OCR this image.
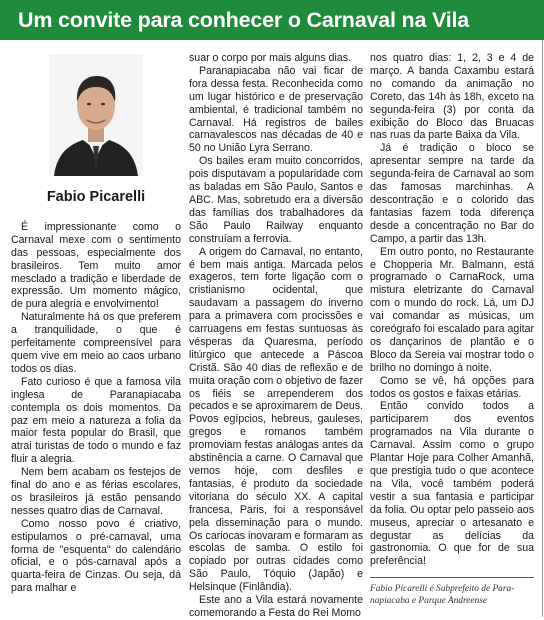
Um convite para conhecer o Carnaval na Vila
Fabio Picarelli

É impressionante como o Carnaval mexe com o sentimento das pessoas, especialmente dos brasileiros. Tem muito amor mesclado a tradição e liberdade de expressão. Um momento mágico, de pura alegria e envolvimento!

Naturalmente há os que preferem a tranquilidade, o que é perfeitamente compreensível para quem vive em meio ao caos urbano todos os dias.

Fato curioso é que a famosa vila inglesa de Paranapiacaba contempla os dois momentos. Da paz em meio a natureza a folia da maior festa popular do Brasil, que atrai turistas de todo o mundo e faz fluir a alegria.

Nem bem acabam os festejos de final do ano e as férias escolares, os brasileiros já estão pensando nesses quatro dias de Carnaval.

Como nosso povo é criativo, estipulamos o pré-carnaval, uma forma de "esquenta" do calendário oficial, e o pós-carnaval após a quarta-feira de Cinzas. Ou seja, dá para malhar e

suar o corpo por mais alguns dias.

Paranapiacaba não vai ficar de fora dessa festa. Reconhecida como um lugar histórico e de preservação ambiental, é tradicional também no Carnaval. Há registros de bailes carnavalescos nas décadas de 40 e 50 no União Lyra Serrano.

Os bailes eram muito concorridos, pois disputavam a popularidade com as baladas em São Paulo, Santos e ABC. Mas, sobretudo era a diversão das famílias dos trabalhadores da São Paulo Railway enquanto construíam a ferrovia.

A origem do Carnaval, no entanto, é bem mais antiga. Marcada pelos exageros, tem forte ligação com o cristianismo ocidental, que saudavam a passagem do inverno para a primavera com procissões e carruagens em festas suntuosas às vésperas da Quaresma, período litúrgico que antecede a Páscoa Cristã. São 40 dias de reflexão e de muita oração com o objetivo de fazer os fiéis se arrependerem dos pecados e se aproximarem de Deus. Povos egípcios, hebreus, gauleses, gregos e romanos também promoviam festas análogas antes da abstinência a carne. O Carnaval que vemos hoje, com desfiles e fantasias, é produto da sociedade vitoriana do século XX. A capital francesa, Paris, foi a responsável pela disseminação para o mundo. Os cariocas inovaram e formaram as escolas de samba. O estilo foi copiado por outras cidades como São Paulo, Tóquio (Japão) e Helsinque (Finlândia).

Este ano a Vila estará novamente comemorando a Festa do Rei Momo

nos quatro dias: 1, 2, 3 e 4 de março. A banda Caxambu estará no comando da animação no Coreto, das 14h às 18h, exceto na segunda-feira (3) por conta da exibição do Bloco das Bruacas nas ruas da parte Baixa da Vila.

Já é tradição o bloco se apresentar sempre na tarde da segunda-feira de Carnaval ao som das famosas marchinhas. A descontração e o colorido das fantasias fazem toda diferença desde a concentração no Bar do Campo, a partir das 13h.

Em outro ponto, no Restaurante e Chopperia Mr. Balmann, está programado o CarnaRock, uma mistura eletrizante do Carnaval com o mundo do rock. Lá, um DJ vai comandar as músicas, um coreógrafo foi escalado para agitar os dançarinos de plantão e o Bloco da Sereia vai mostrar todo o brilho no domingo à noite.

Como se vê, há opções para todos os gostos e faixas etárias.

Então convido todos a participarem dos eventos programados na Vila durante o Carnaval. Assim como o grupo Plantar Hoje para Colher Amanhã, que prestigia tudo o que acontece na Vila, você também poderá vestir a sua fantasia e participar da folia. Ou optar pelo passeio aos museus, apreciar o artesanato e degustar as delícias da gastronomia. O que for de sua preferência!

Fabio Picarelli é Subprefeito de Para-
napiacaba e Parque Andreense
